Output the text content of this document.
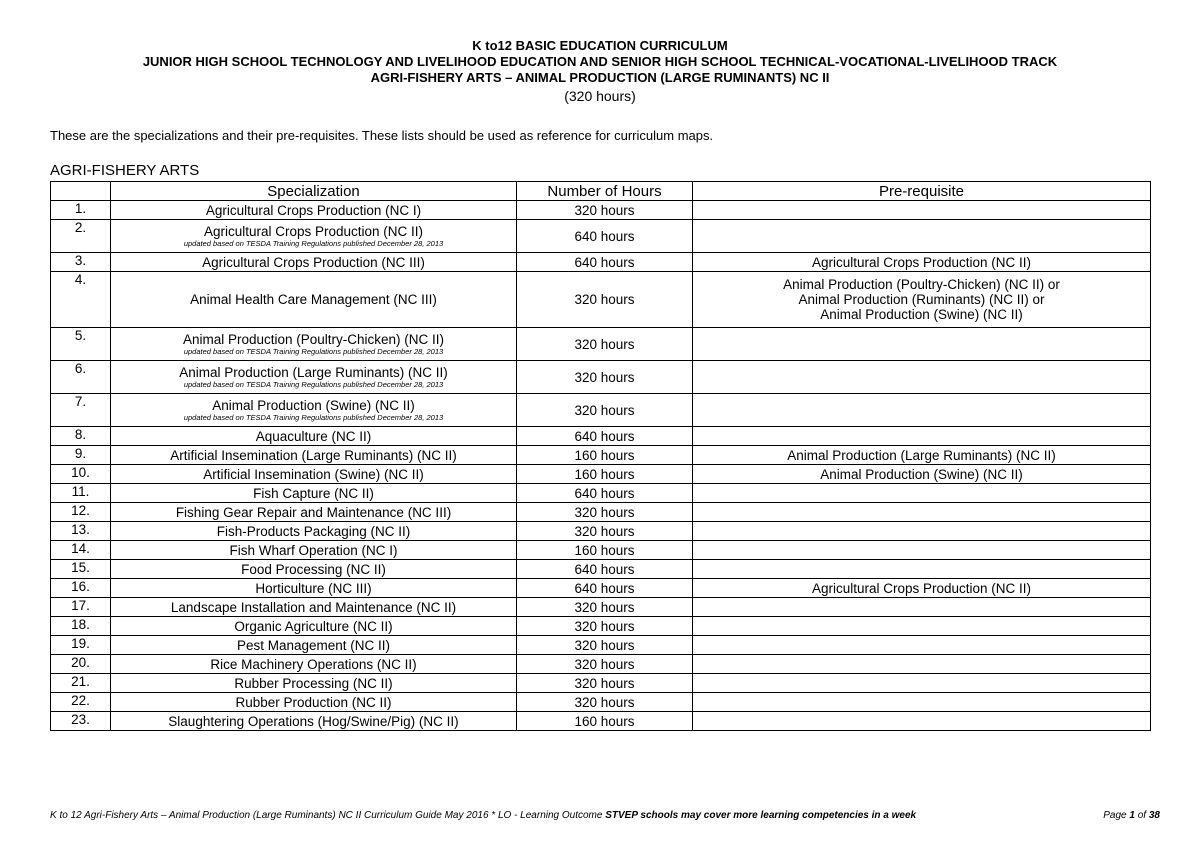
K to12 BASIC EDUCATION CURRICULUM
JUNIOR HIGH SCHOOL TECHNOLOGY AND LIVELIHOOD EDUCATION AND SENIOR HIGH SCHOOL TECHNICAL-VOCATIONAL-LIVELIHOOD TRACK
AGRI-FISHERY ARTS – ANIMAL PRODUCTION (LARGE RUMINANTS) NC II
(320 hours)
These are the specializations and their pre-requisites. These lists should be used as reference for curriculum maps.
AGRI-FISHERY ARTS
	Specialization	Number of Hours	Pre-requisite
1.	Agricultural Crops Production (NC I)	320 hours	
2.	Agricultural Crops Production (NC II)
updated based on TESDA Training Regulations published December 28, 2013	640 hours	
3.	Agricultural Crops Production (NC III)	640 hours	Agricultural Crops Production (NC II)
4.	Animal Health Care Management (NC III)	320 hours	Animal Production (Poultry-Chicken) (NC II) or
Animal Production (Ruminants) (NC II) or
Animal Production (Swine) (NC II)
5.	Animal Production (Poultry-Chicken) (NC II)
updated based on TESDA Training Regulations published December 28, 2013	320 hours	
6.	Animal Production (Large Ruminants) (NC II)
updated based on TESDA Training Regulations published December 28, 2013	320 hours	
7.	Animal Production (Swine) (NC II)
updated based on TESDA Training Regulations published December 28, 2013	320 hours	
8.	Aquaculture (NC II)	640 hours	
9.	Artificial Insemination (Large Ruminants) (NC II)	160 hours	Animal Production (Large Ruminants) (NC II)
10.	Artificial Insemination (Swine) (NC II)	160 hours	Animal Production (Swine) (NC II)
11.	Fish Capture (NC II)	640 hours	
12.	Fishing Gear Repair and Maintenance (NC III)	320 hours	
13.	Fish-Products Packaging (NC II)	320 hours	
14.	Fish Wharf Operation (NC I)	160 hours	
15.	Food Processing (NC II)	640 hours	
16.	Horticulture (NC III)	640 hours	Agricultural Crops Production (NC II)
17.	Landscape Installation and Maintenance (NC II)	320 hours	
18.	Organic Agriculture (NC II)	320 hours	
19.	Pest Management (NC II)	320 hours	
20.	Rice Machinery Operations (NC II)	320 hours	
21.	Rubber Processing (NC II)	320 hours	
22.	Rubber Production (NC II)	320 hours	
23.	Slaughtering Operations (Hog/Swine/Pig) (NC II)	160 hours	
K to 12 Agri-Fishery Arts – Animal Production (Large Ruminants) NC II Curriculum Guide May 2016 * LO - Learning Outcome STVEP schools may cover more learning competencies in a week	Page 1 of 38
